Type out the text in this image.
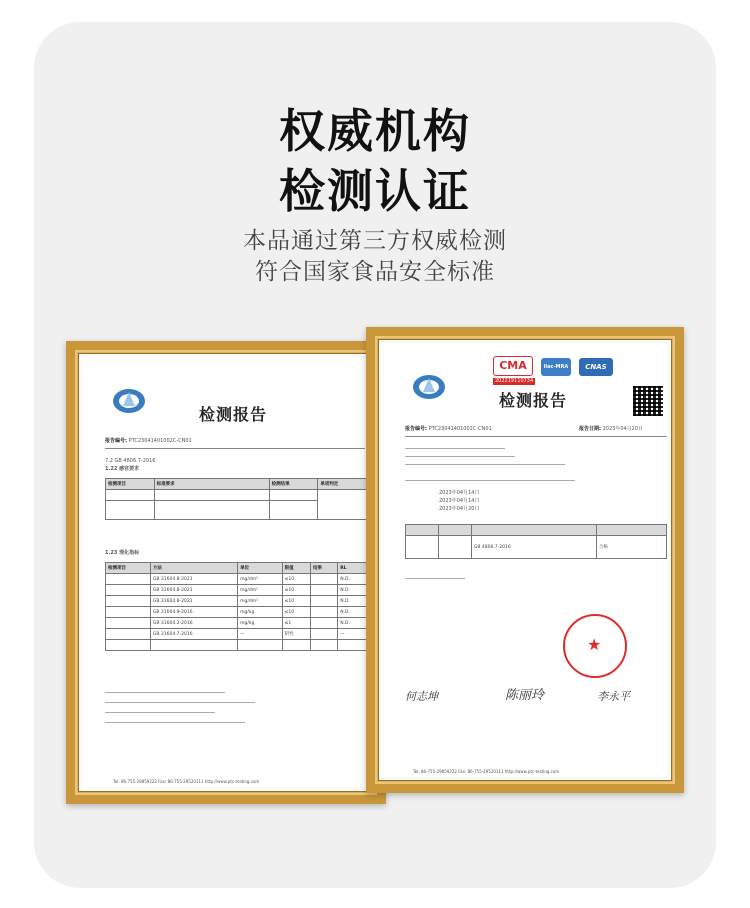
权威机构
检测认证
本品通过第三方权威检测
符合国家食品安全标准
检测报告
报告编号: PTC23041401002C-CN01
7.2 GB 4806.7-2016
1.22 感官要求
检测项目	标准要求	检测结果	单项判定

1.23 理化指标
检测项目	方法	单位	限值	结果	RL
	GB 31604.8-2021	mg/dm²	≤10		N.D.
	GB 31604.8-2021	mg/dm²	≤10		N.D.
	GB 31604.8-2021	mg/dm²	≤10		N.D.
	GB 31604.9-2016	mg/kg	≤10		N.D.
	GB 31604.2-2016	mg/kg	≤1		N.D.
	GB 31604.7-2016	—	阴性		—

Tel: 86-755-29859222 Fax: 86-755-29520111 http://www.ptc-testing.com
CMA
202219110734
ilac-MRA	CNAS
检测报告
报告编号: PTC23041401002C-CN01	报告日期: 2023年04月20日
2023年04月14日
2023年04月14日
2023年04月20日

		GB 4806.7-2016	合格
★
何志坤	陈丽玲	李永平
Tel: 86-755-29859222 Fax: 86-755-29520111 http://www.ptc-testing.com
